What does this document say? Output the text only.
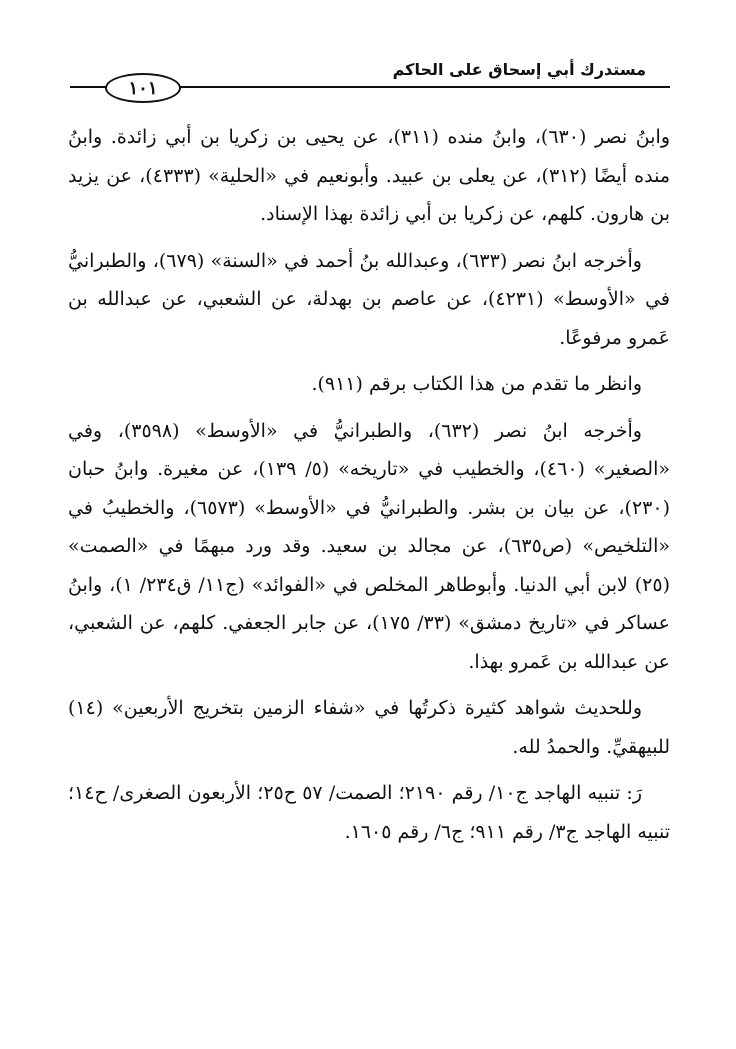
مستدرك أبي إسحاق على الحاكم
١٠١

وابنُ نصر (٦٣٠)، وابنُ منده (٣١١)، عن يحيى بن زكريا بن أبي زائدة. وابنُ منده أيضًا (٣١٢)، عن يعلى بن عبيد. وأبونعيم في «الحلية» (٤٣٣٣)، عن يزيد بن هارون. كلهم، عن زكريا بن أبي زائدة بهذا الإسناد.

وأخرجه ابنُ نصر (٦٣٣)، وعبدالله بنُ أحمد في «السنة» (٦٧٩)، والطبرانيُّ في «الأوسط» (٤٢٣١)، عن عاصم بن بهدلة، عن الشعبي، عن عبدالله بن عَمرو مرفوعًا.

وانظر ما تقدم من هذا الكتاب برقم (٩١١).

وأخرجه ابنُ نصر (٦٣٢)، والطبرانيُّ في «الأوسط» (٣٥٩٨)، وفي «الصغير» (٤٦٠)، والخطيب في «تاريخه» (٥/ ١٣٩)، عن مغيرة. وابنُ حبان (٢٣٠)، عن بيان بن بشر. والطبرانيُّ في «الأوسط» (٦٥٧٣)، والخطيبُ في «التلخيص» (ص٦٣٥)، عن مجالد بن سعيد. وقد ورد مبهمًا في «الصمت» (٢٥) لابن أبي الدنيا. وأبوطاهر المخلص في «الفوائد» (ج١١/ ق٢٣٤/ ١)، وابنُ عساكر في «تاريخ دمشق» (٣٣/ ١٧٥)، عن جابر الجعفي. كلهم، عن الشعبي، عن عبدالله بن عَمرو بهذا.

وللحديث شواهد كثيرة ذكرتُها في «شفاء الزمين بتخريج الأربعين» (١٤) للبيهقيِّ. والحمدُ لله.

رَ: تنبيه الهاجد ج١٠/ رقم ٢١٩٠؛ الصمت/ ٥٧ ح٢٥؛ الأربعون الصغرى/ ح١٤؛ تنبيه الهاجد ج٣/ رقم ٩١١؛ ج٦/ رقم ١٦٠٥.
